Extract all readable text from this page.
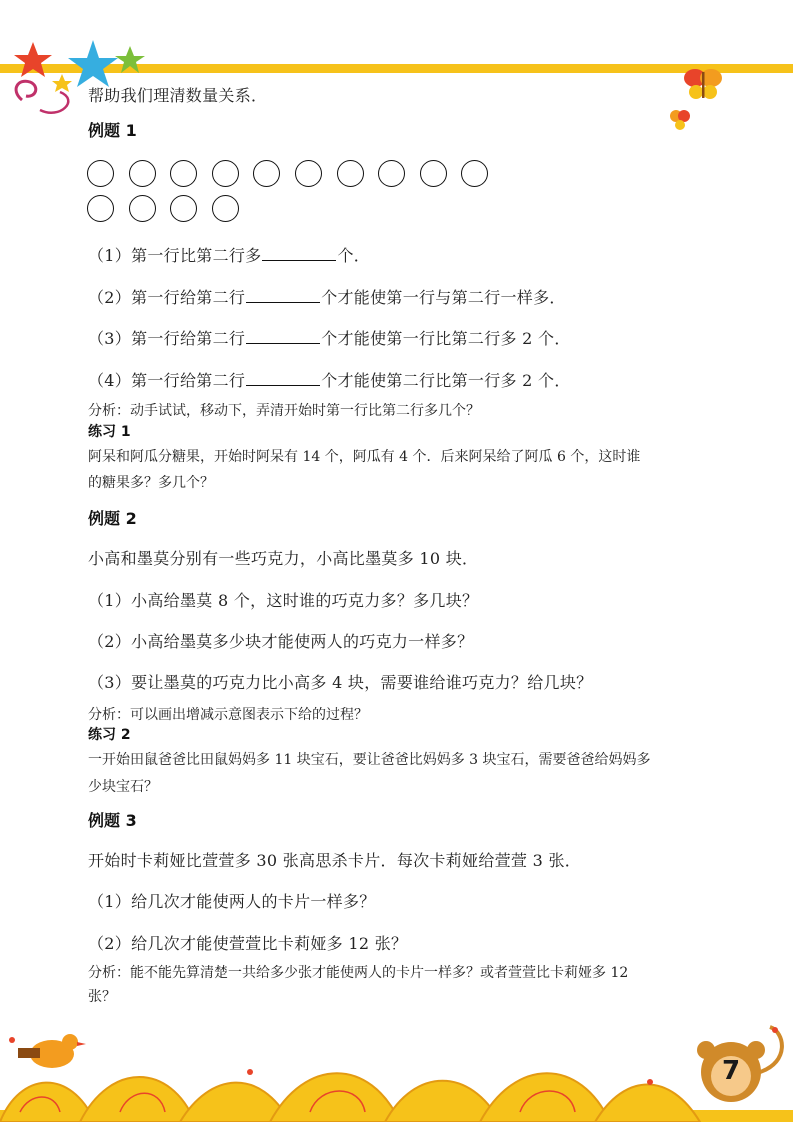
帮助我们理清数量关系．
例题 1
（1）第一行比第二行多	个．
（2）第一行给第二行	个才能使第一行与第二行一样多．
（3）第一行给第二行	个才能使第一行比第二行多 2 个．
（4）第一行给第二行	个才能使第二行比第一行多 2 个．
分析：动手试试，移动下，弄清开始时第一行比第二行多几个？
练习 1
阿呆和阿瓜分糖果，开始时阿呆有 14 个，阿瓜有 4 个．后来阿呆给了阿瓜 6 个，这时谁
的糖果多？多几个？
例题 2
小高和墨莫分别有一些巧克力，小高比墨莫多 10 块．
（1）小高给墨莫 8 个，这时谁的巧克力多？多几块？
（2）小高给墨莫多少块才能使两人的巧克力一样多？
（3）要让墨莫的巧克力比小高多 4 块，需要谁给谁巧克力？给几块？
分析：可以画出增减示意图表示下给的过程？
练习 2
一开始田鼠爸爸比田鼠妈妈多 11 块宝石，要让爸爸比妈妈多 3 块宝石，需要爸爸给妈妈多
少块宝石？
例题 3
开始时卡莉娅比萱萱多 30 张高思杀卡片．每次卡莉娅给萱萱 3 张．
（1）给几次才能使两人的卡片一样多？
（2）给几次才能使萱萱比卡莉娅多 12 张？
分析：能不能先算清楚一共给多少张才能使两人的卡片一样多？或者萱萱比卡莉娅多 12
张？
7
